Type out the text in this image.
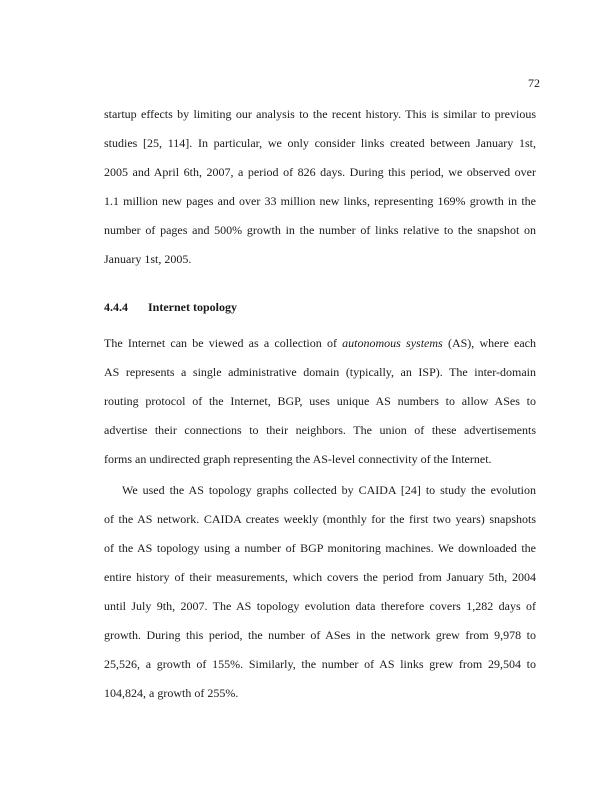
72
startup effects by limiting our analysis to the recent history. This is similar to previous
studies [25, 114]. In particular, we only consider links created between January 1st,
2005 and April 6th, 2007, a period of 826 days. During this period, we observed over
1.1 million new pages and over 33 million new links, representing 169% growth in the
number of pages and 500% growth in the number of links relative to the snapshot on
January 1st, 2005.
4.4.4 Internet topology
The Internet can be viewed as a collection of autonomous systems (AS), where each
AS represents a single administrative domain (typically, an ISP). The inter-domain
routing protocol of the Internet, BGP, uses unique AS numbers to allow ASes to
advertise their connections to their neighbors. The union of these advertisements
forms an undirected graph representing the AS-level connectivity of the Internet.
We used the AS topology graphs collected by CAIDA [24] to study the evolution
of the AS network. CAIDA creates weekly (monthly for the first two years) snapshots
of the AS topology using a number of BGP monitoring machines. We downloaded the
entire history of their measurements, which covers the period from January 5th, 2004
until July 9th, 2007. The AS topology evolution data therefore covers 1,282 days of
growth. During this period, the number of ASes in the network grew from 9,978 to
25,526, a growth of 155%. Similarly, the number of AS links grew from 29,504 to
104,824, a growth of 255%.
